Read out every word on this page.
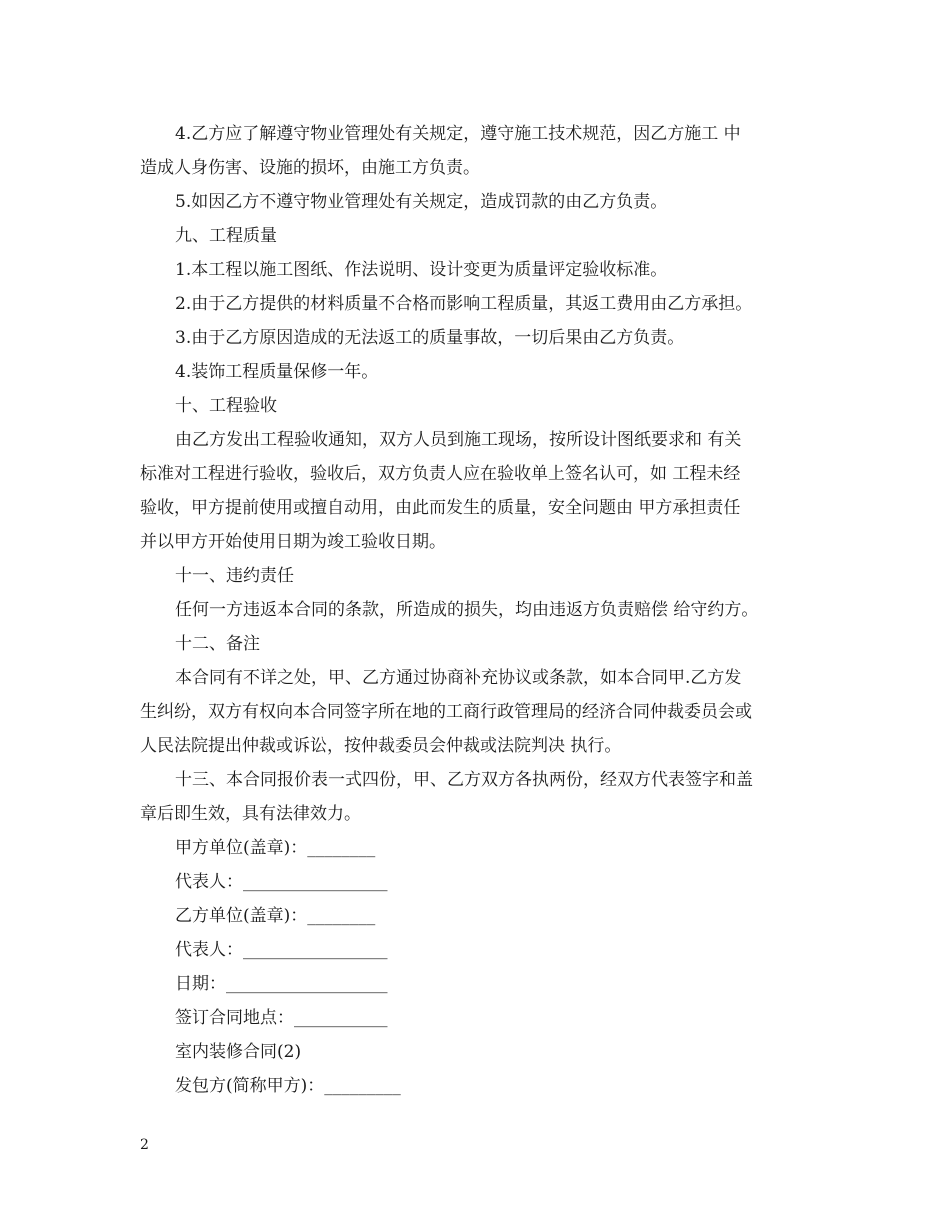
4.乙方应了解遵守物业管理处有关规定，遵守施工技术规范，因乙方施工 中
造成人身伤害、设施的损坏，由施工方负责。
5.如因乙方不遵守物业管理处有关规定，造成罚款的由乙方负责。
九、工程质量
1.本工程以施工图纸、作法说明、设计变更为质量评定验收标准。
2.由于乙方提供的材料质量不合格而影响工程质量，其返工费用由乙方承担。
3.由于乙方原因造成的无法返工的质量事故，一切后果由乙方负责。
4.装饰工程质量保修一年。
十、工程验收
由乙方发出工程验收通知，双方人员到施工现场，按所设计图纸要求和 有关
标准对工程进行验收，验收后，双方负责人应在验收单上签名认可，如 工程未经
验收，甲方提前使用或擅自动用，由此而发生的质量，安全问题由 甲方承担责任
并以甲方开始使用日期为竣工验收日期。
十一、违约责任
任何一方违返本合同的条款，所造成的损失，均由违返方负责赔偿 给守约方。
十二、备注
本合同有不详之处，甲、乙方通过协商补充协议或条款，如本合同甲.乙方发
生纠纷，双方有权向本合同签字所在地的工商行政管理局的经济合同仲裁委员会或
人民法院提出仲裁或诉讼，按仲裁委员会仲裁或法院判决 执行。
十三、本合同报价表一式四份，甲、乙方双方各执两份，经双方代表签字和盖
章后即生效，具有法律效力。
甲方单位(盖章)：________
代表人：_________________
乙方单位(盖章)：________
代表人：_________________
日期：___________________
签订合同地点：___________
室内装修合同(2)
发包方(简称甲方)：_________
2
